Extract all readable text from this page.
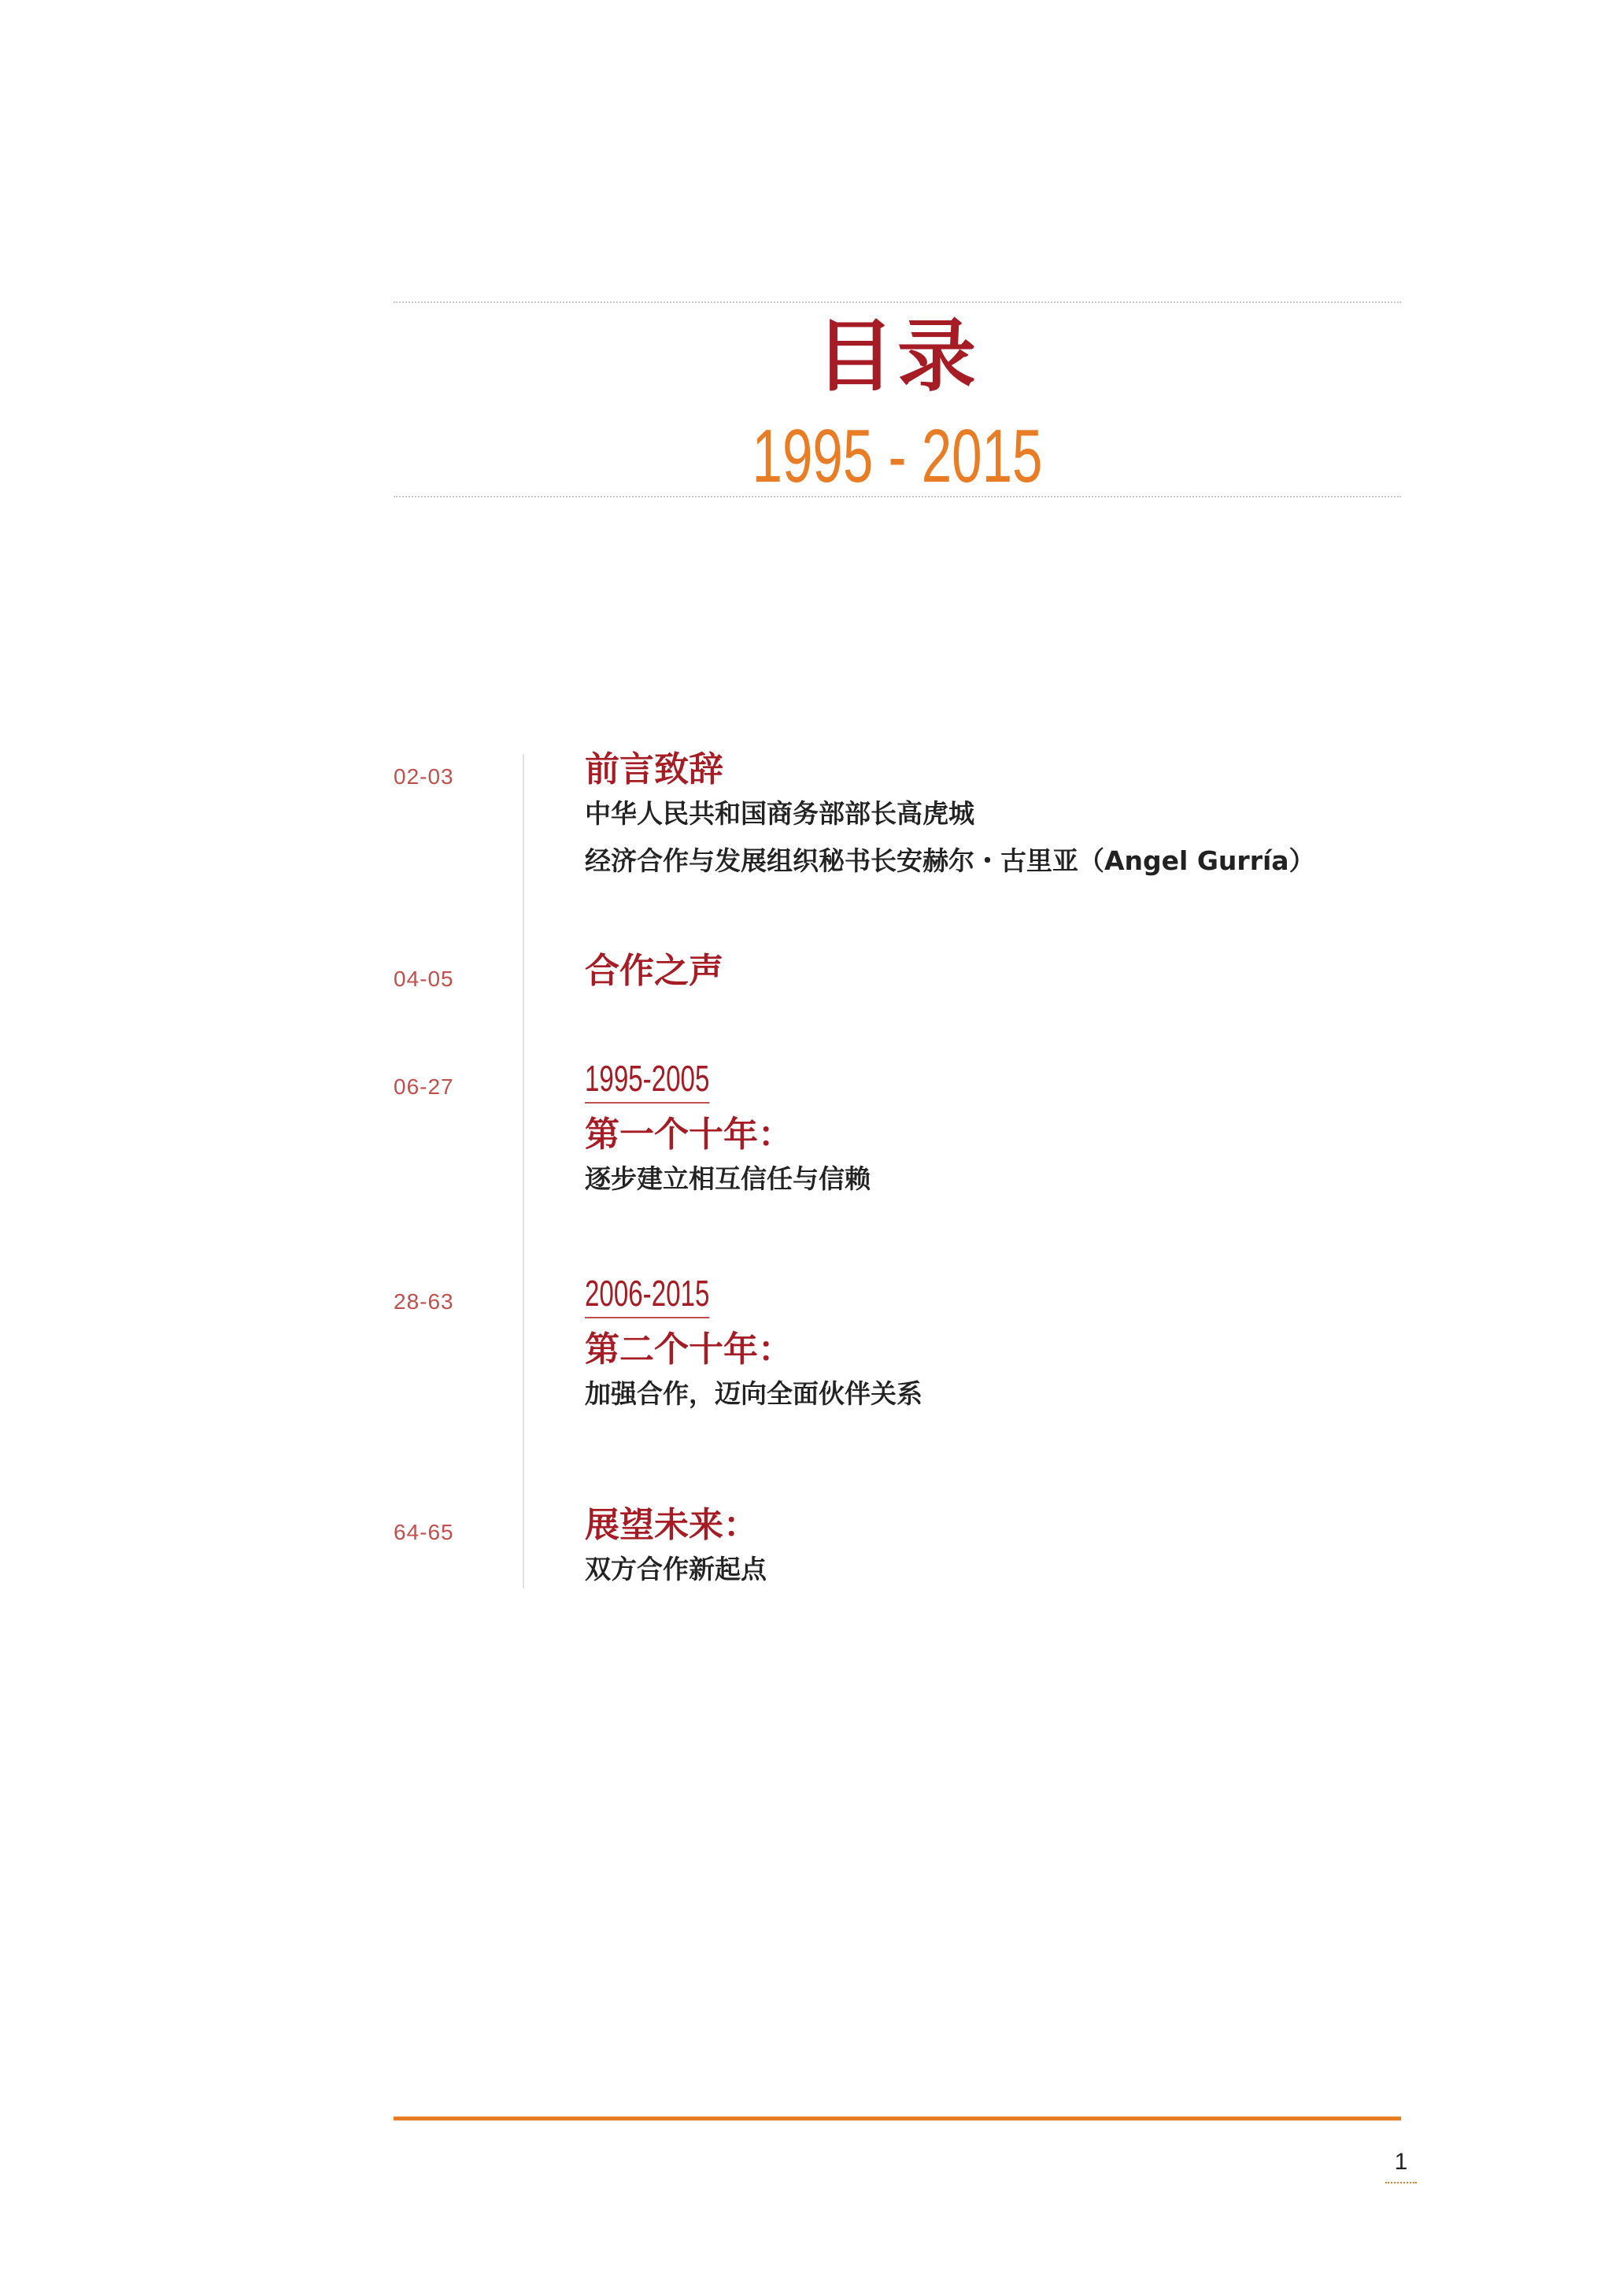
目录
1995 - 2015
02-03	前言致辞
中华人民共和国商务部部长高虎城
经济合作与发展组织秘书长安赫尔・古里亚（Angel Gurría）
04-05	合作之声
06-27	1995-2005
第一个十年：
逐步建立相互信任与信赖
28-63	2006-2015
第二个十年：
加强合作，迈向全面伙伴关系
64-65	展望未来：
双方合作新起点
1
